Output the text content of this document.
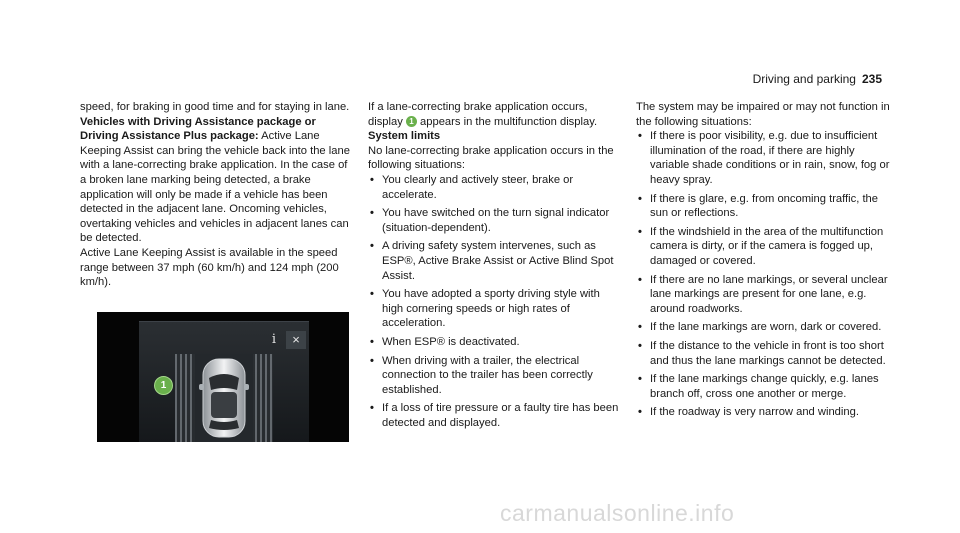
Driving and parking 235

speed, for braking in good time and for staying in lane.

Vehicles with Driving Assistance package or Driving Assistance Plus package: Active Lane Keeping Assist can bring the vehicle back into the lane with a lane-correcting brake application. In the case of a broken lane marking being detected, a brake application will only be made if a vehicle has been detected in the adjacent lane. Oncoming vehicles, overtaking vehicles and vehicles in adjacent lanes can be detected.

Active Lane Keeping Assist is available in the speed range between 37 mph (60 km/h) and 124 mph (200 km/h).

i	×
1

If a lane-correcting brake application occurs, display 1 appears in the multifunction display.

System limits

No lane-correcting brake application occurs in the following situations:

• You clearly and actively steer, brake or accelerate.
• You have switched on the turn signal indicator (situation-dependent).
• A driving safety system intervenes, such as ESP®, Active Brake Assist or Active Blind Spot Assist.
• You have adopted a sporty driving style with high cornering speeds or high rates of acceleration.
• When ESP® is deactivated.
• When driving with a trailer, the electrical connection to the trailer has been correctly established.
• If a loss of tire pressure or a faulty tire has been detected and displayed.

The system may be impaired or may not function in the following situations:

• If there is poor visibility, e.g. due to insufficient illumination of the road, if there are highly variable shade conditions or in rain, snow, fog or heavy spray.
• If there is glare, e.g. from oncoming traffic, the sun or reflections.
• If the windshield in the area of the multifunction camera is dirty, or if the camera is fogged up, damaged or covered.
• If there are no lane markings, or several unclear lane markings are present for one lane, e.g. around roadworks.
• If the lane markings are worn, dark or covered.
• If the distance to the vehicle in front is too short and thus the lane markings cannot be detected.
• If the lane markings change quickly, e.g. lanes branch off, cross one another or merge.
• If the roadway is very narrow and winding.
carmanualsonline.info
